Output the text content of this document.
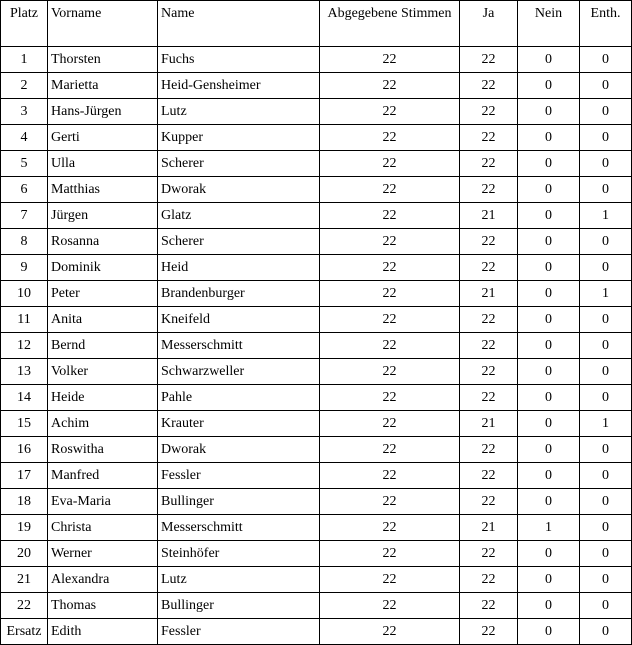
Platz	Vorname	Name	Abgegebene Stimmen	Ja	Nein	Enth.
1	Thorsten	Fuchs	22	22	0	0
2	Marietta	Heid-Gensheimer	22	22	0	0
3	Hans-Jürgen	Lutz	22	22	0	0
4	Gerti	Kupper	22	22	0	0
5	Ulla	Scherer	22	22	0	0
6	Matthias	Dworak	22	22	0	0
7	Jürgen	Glatz	22	21	0	1
8	Rosanna	Scherer	22	22	0	0
9	Dominik	Heid	22	22	0	0
10	Peter	Brandenburger	22	21	0	1
11	Anita	Kneifeld	22	22	0	0
12	Bernd	Messerschmitt	22	22	0	0
13	Volker	Schwarzweller	22	22	0	0
14	Heide	Pahle	22	22	0	0
15	Achim	Krauter	22	21	0	1
16	Roswitha	Dworak	22	22	0	0
17	Manfred	Fessler	22	22	0	0
18	Eva-Maria	Bullinger	22	22	0	0
19	Christa	Messerschmitt	22	21	1	0
20	Werner	Steinhöfer	22	22	0	0
21	Alexandra	Lutz	22	22	0	0
22	Thomas	Bullinger	22	22	0	0
Ersatz	Edith	Fessler	22	22	0	0
